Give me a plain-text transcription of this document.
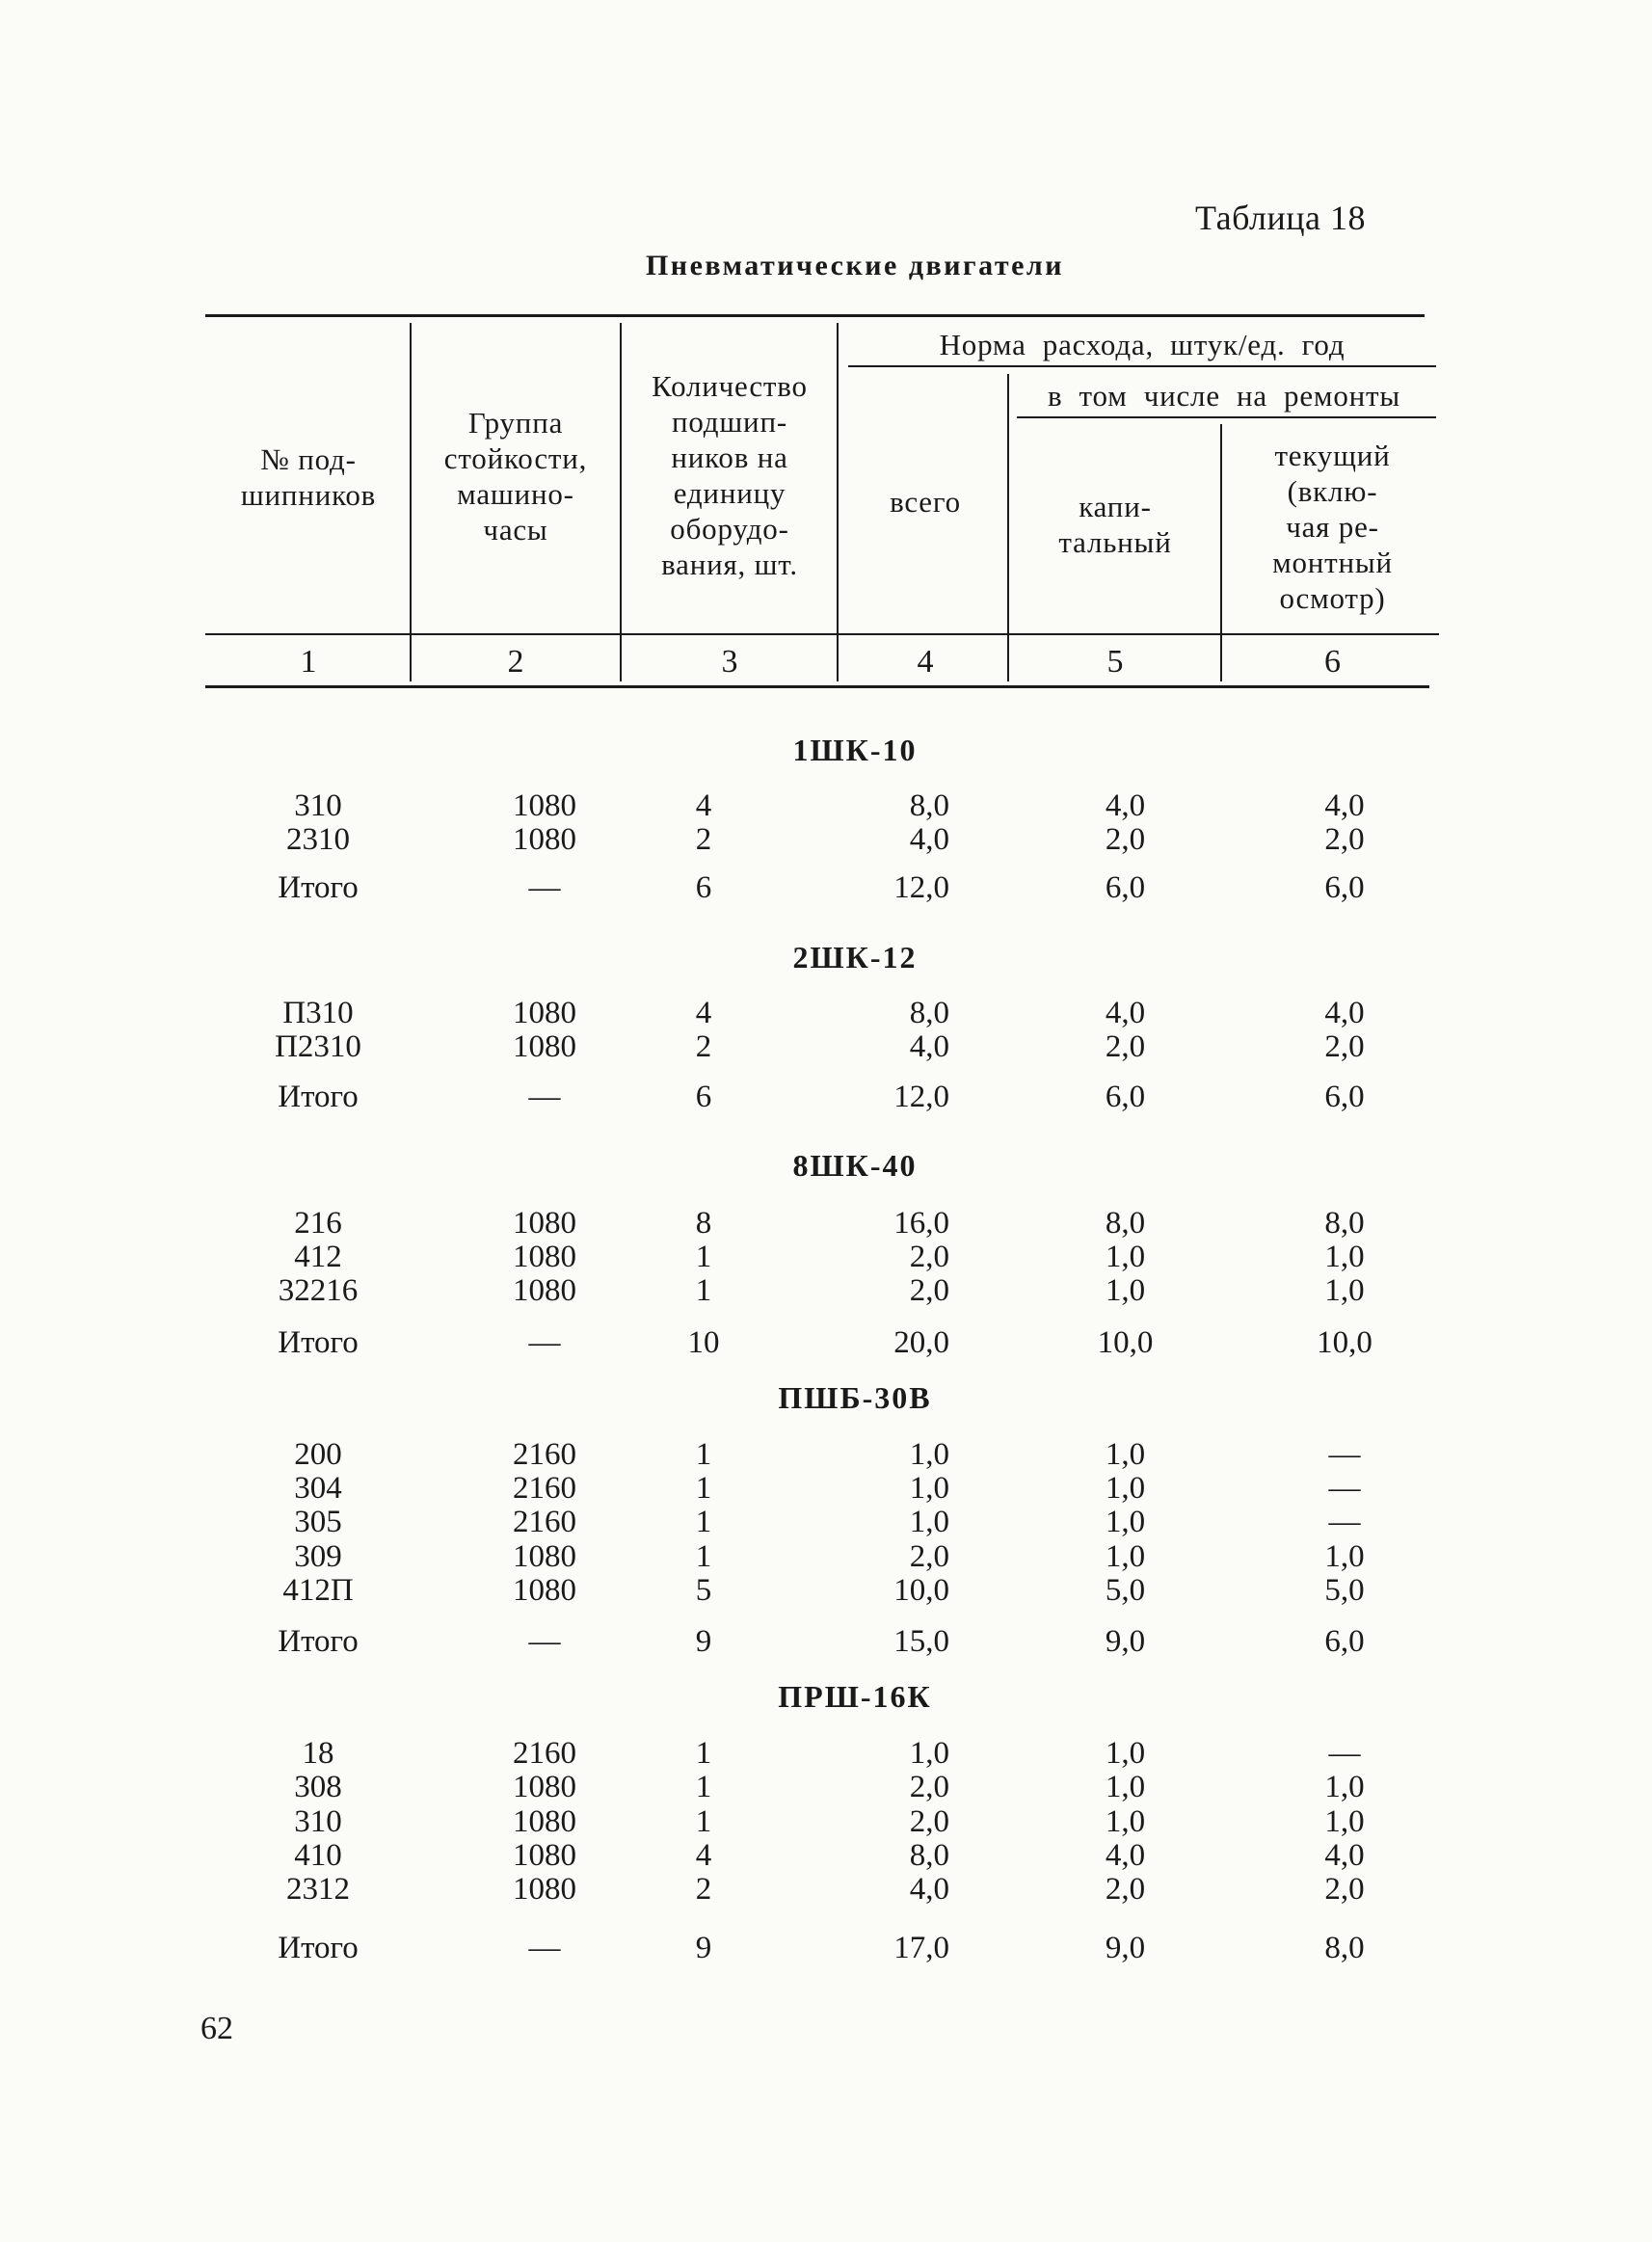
Таблица 18
Пневматические двигатели
№ под-
шипников
Группа
стойкости,
машино-
часы
Количество
подшип-
ников на
единицу
оборудо-
вания, шт.
Норма  расхода,  штук/ед.  год
всего
в  том  числе  на  ремонты
капи-
тальный
текущий
(вклю-
чая ре-
монтный
осмотр)
1	2	3	4	5	6
1ШК-10
310	1080	4	8,0	4,0	4,0
2310	1080	2	4,0	2,0	2,0
Итого	—	6	12,0	6,0	6,0
2ШК-12
П310	1080	4	8,0	4,0	4,0
П2310	1080	2	4,0	2,0	2,0
Итого	—	6	12,0	6,0	6,0
8ШК-40
216	1080	8	16,0	8,0	8,0
412	1080	1	2,0	1,0	1,0
32216	1080	1	2,0	1,0	1,0
Итого	—	10	20,0	10,0	10,0
ПШБ-30В
200	2160	1	1,0	1,0	—
304	2160	1	1,0	1,0	—
305	2160	1	1,0	1,0	—
309	1080	1	2,0	1,0	1,0
412П	1080	5	10,0	5,0	5,0
Итого	—	9	15,0	9,0	6,0
ПРШ-16К
18	2160	1	1,0	1,0	—
308	1080	1	2,0	1,0	1,0
310	1080	1	2,0	1,0	1,0
410	1080	4	8,0	4,0	4,0
2312	1080	2	4,0	2,0	2,0
Итого	—	9	17,0	9,0	8,0
62
